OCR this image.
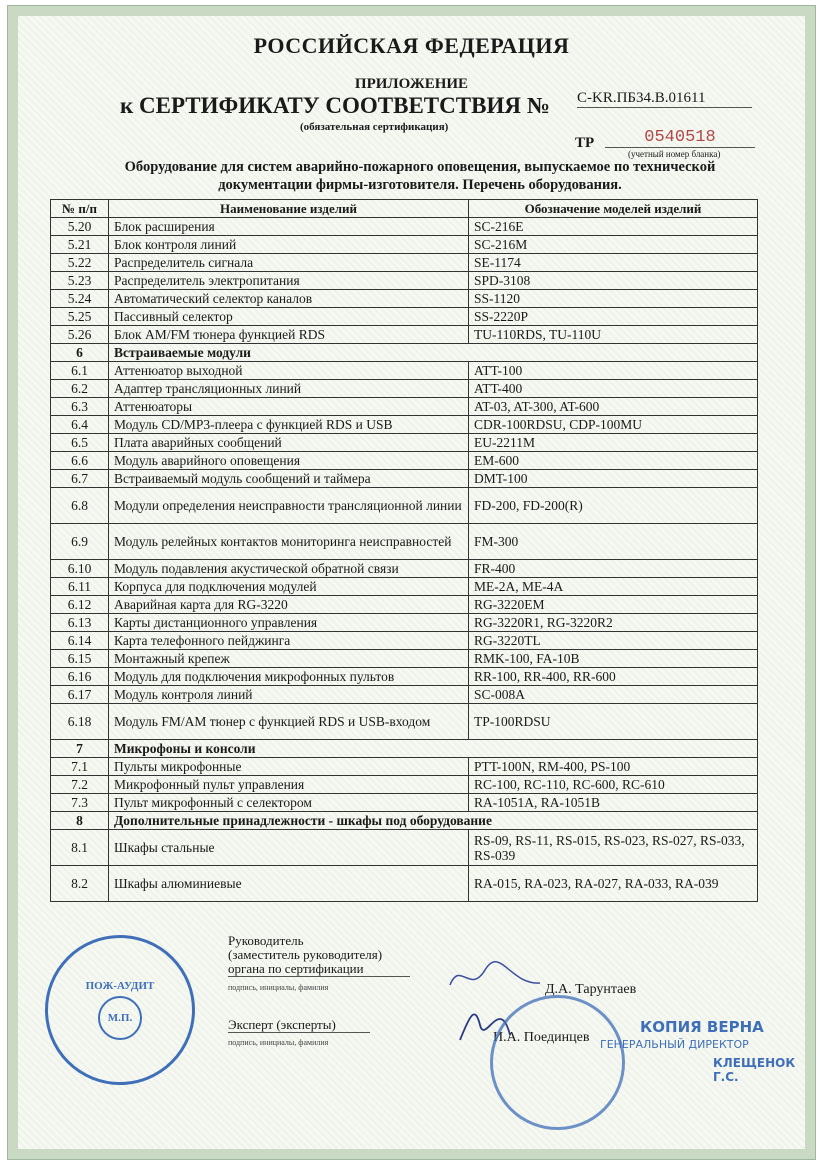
РОССИЙСКАЯ ФЕДЕРАЦИЯ
ПРИЛОЖЕНИЕ
к СЕРТИФИКАТУ СООТВЕТСТВИЯ № C-KR.ПБ34.В.01611
(обязательная сертификация)
ТР	0540518
(учетный номер бланка)
Оборудование для систем аварийно-пожарного оповещения, выпускаемое по технической документации фирмы-изготовителя. Перечень оборудования.
№ п/п	Наименование изделий	Обозначение моделей изделий
5.20	Блок расширения	SC-216E
5.21	Блок контроля линий	SC-216M
5.22	Распределитель сигнала	SE-1174
5.23	Распределитель электропитания	SPD-3108
5.24	Автоматический селектор каналов	SS-1120
5.25	Пассивный селектор	SS-2220P
5.26	Блок AM/FM тюнера функцией RDS	TU-110RDS, TU-110U
6	Встраиваемые модули	
6.1	Аттенюатор выходной	ATT-100
6.2	Адаптер трансляционных линий	ATT-400
6.3	Аттенюаторы	AT-03, AT-300, AT-600
6.4	Модуль CD/MP3-плеера с функцией RDS и USB	CDR-100RDSU, CDP-100MU
6.5	Плата аварийных сообщений	EU-2211M
6.6	Модуль аварийного оповещения	EM-600
6.7	Встраиваемый модуль сообщений и таймера	DMT-100
6.8	Модули определения неисправности трансляционной линии	FD-200, FD-200(R)
6.9	Модуль релейных контактов мониторинга неисправностей	FM-300
6.10	Модуль подавления акустической обратной связи	FR-400
6.11	Корпуса для подключения модулей	ME-2A, ME-4A
6.12	Аварийная карта для RG-3220	RG-3220EM
6.13	Карты дистанционного управления	RG-3220R1, RG-3220R2
6.14	Карта телефонного пейджинга	RG-3220TL
6.15	Монтажный крепеж	RMK-100, FA-10B
6.16	Модуль для подключения микрофонных пультов	RR-100, RR-400, RR-600
6.17	Модуль контроля линий	SC-008A
6.18	Модуль FM/AM тюнер с функцией RDS и USB-входом	TP-100RDSU
7	Микрофоны и консоли	
7.1	Пульты микрофонные	PTT-100N, RM-400, PS-100
7.2	Микрофонный пульт управления	RC-100, RC-110, RC-600, RC-610
7.3	Пульт микрофонный с селектором	RA-1051A, RA-1051B
8	Дополнительные принадлежности - шкафы под оборудование	
8.1	Шкафы стальные	RS-09, RS-11, RS-015, RS-023, RS-027, RS-033, RS-039
8.2	Шкафы алюминиевые	RA-015, RA-023, RA-027, RA-033, RA-039
Руководитель
(заместитель руководителя)
органа по сертификации
подпись, инициалы, фамилия	Д.А. Тарунтаев
Эксперт (эксперты)
подпись, инициалы, фамилия	И.А. Поединцев
ПОЖ-АУДИТ
М.П.	КОПИЯ ВЕРНА
ГЕНЕРАЛЬНЫЙ ДИРЕКТОР
КЛЕЩЕНОК Г.С.
